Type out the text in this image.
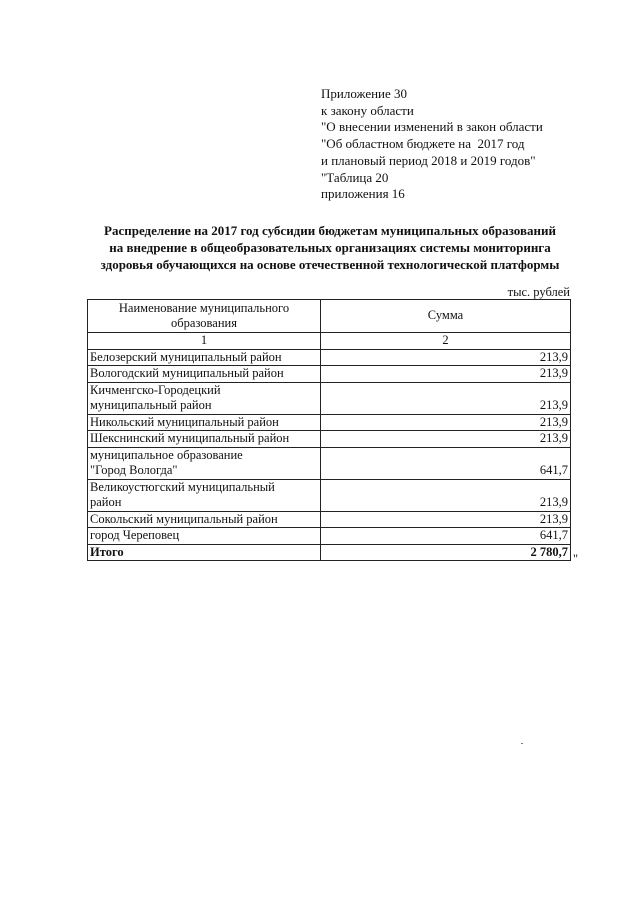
Приложение 30
к закону области
"О внесении изменений в закон области
"Об областном бюджете на  2017 год
и плановый период 2018 и 2019 годов"
"Таблица 20
приложения 16
Распределение на 2017 год субсидии бюджетам муниципальных образований
на внедрение в общеобразовательных организациях системы мониторинга
здоровья обучающихся на основе отечественной технологической платформы
тыс. рублей
Наименование муниципального
образования	Сумма
1	2

Белозерский муниципальный район	213,9

Вологодский муниципальный район	213,9

Кичменгско-Городецкий
муниципальный район	213,9

Никольский муниципальный район	213,9

Шекснинский муниципальный район	213,9

муниципальное образование
"Город Вологда"	641,7

Великоустюгский муниципальный
район	213,9

Сокольский муниципальный район	213,9

город Череповец	641,7
Итого	2 780,7
"
